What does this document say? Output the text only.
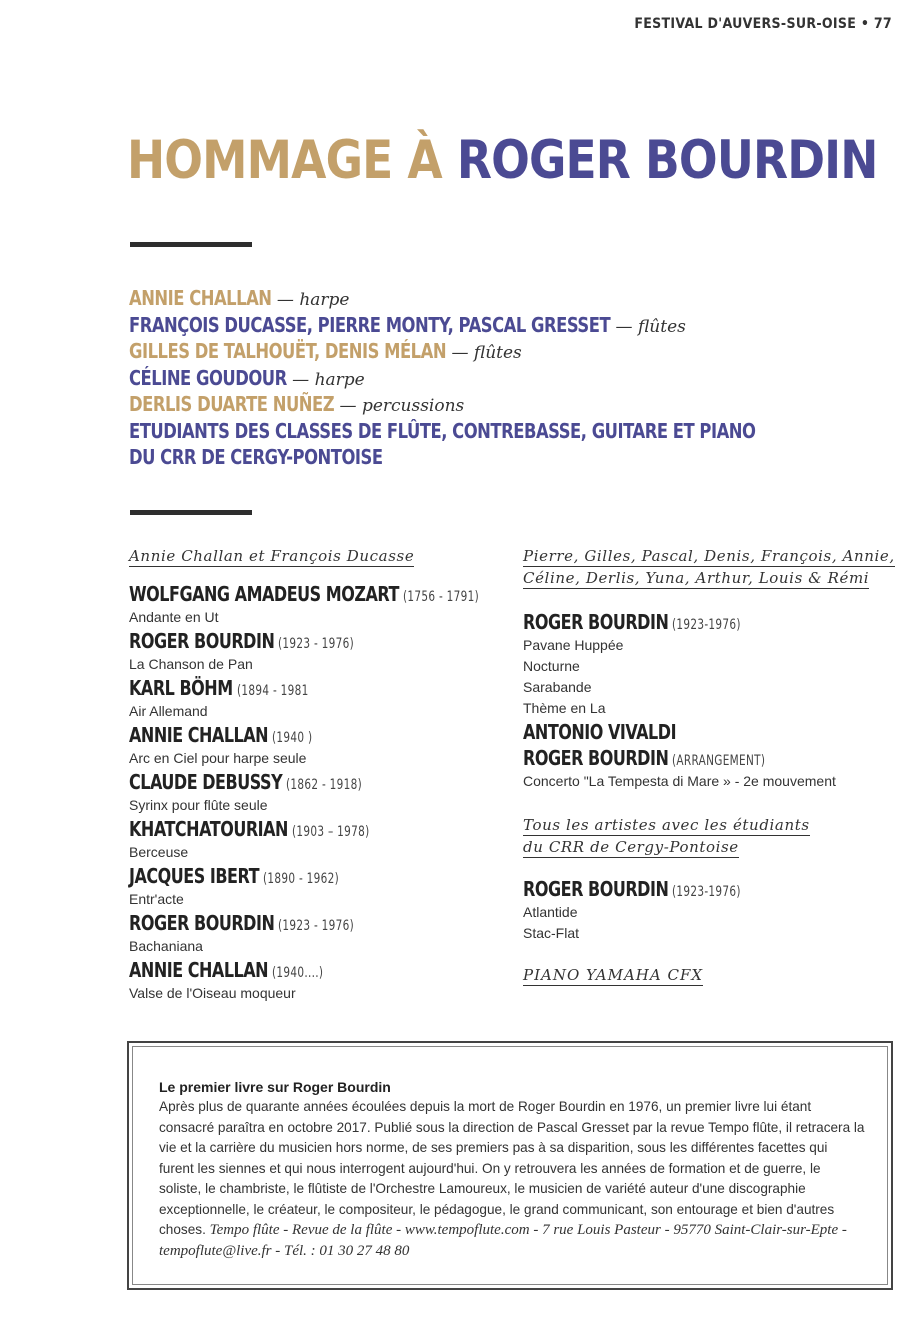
FESTIVAL D'AUVERS-SUR-OISE • 77
HOMMAGE À ROGER BOURDIN
ANNIE CHALLAN — harpe
FRANÇOIS DUCASSE, PIERRE MONTY, PASCAL GRESSET — flûtes
GILLES DE TALHOUËT, DENIS MÉLAN — flûtes
CÉLINE GOUDOUR — harpe
DERLIS DUARTE NUÑEZ — percussions
ETUDIANTS DES CLASSES DE FLÛTE, CONTREBASSE, GUITARE ET PIANO
DU CRR DE CERGY-PONTOISE
Annie Challan et François Ducasse
WOLFGANG AMADEUS MOZART (1756 - 1791)
Andante en Ut
ROGER BOURDIN (1923 - 1976)
La Chanson de Pan
KARL BÖHM (1894 - 1981
Air Allemand
ANNIE CHALLAN (1940 )
Arc en Ciel pour harpe seule
CLAUDE DEBUSSY (1862 - 1918)
Syrinx pour flûte seule
KHATCHATOURIAN (1903 – 1978)
Berceuse
JACQUES IBERT (1890 - 1962)
Entr'acte
ROGER BOURDIN (1923 - 1976)
Bachaniana
ANNIE CHALLAN (1940....)
Valse de l'Oiseau moqueur
Pierre, Gilles, Pascal, Denis, François, Annie,
Céline, Derlis, Yuna, Arthur, Louis & Rémi
ROGER BOURDIN (1923-1976)
Pavane Huppée
Nocturne
Sarabande
Thème en La
ANTONIO VIVALDI
ROGER BOURDIN (ARRANGEMENT)
Concerto "La Tempesta di Mare » - 2e mouvement
Tous les artistes avec les étudiants
du CRR de Cergy-Pontoise
ROGER BOURDIN (1923-1976)
Atlantide
Stac-Flat
PIANO YAMAHA CFX
Le premier livre sur Roger Bourdin
Après plus de quarante années écoulées depuis la mort de Roger Bourdin en 1976, un premier livre lui étant consacré paraîtra en octobre 2017. Publié sous la direction de Pascal Gresset par la revue Tempo flûte, il retracera la vie et la carrière du musicien hors norme, de ses premiers pas à sa disparition, sous les différentes facettes qui furent les siennes et qui nous interrogent aujourd'hui. On y retrouvera les années de formation et de guerre, le soliste, le chambriste, le flûtiste de l'Orchestre Lamoureux, le musicien de variété auteur d'une discographie exceptionnelle, le créateur, le compositeur, le pédagogue, le grand communicant, son entourage et bien d'autres choses. Tempo flûte - Revue de la flûte - www.tempoflute.com - 7 rue Louis Pasteur - 95770 Saint-Clair-sur-Epte - tempoflute@live.fr - Tél. : 01 30 27 48 80
